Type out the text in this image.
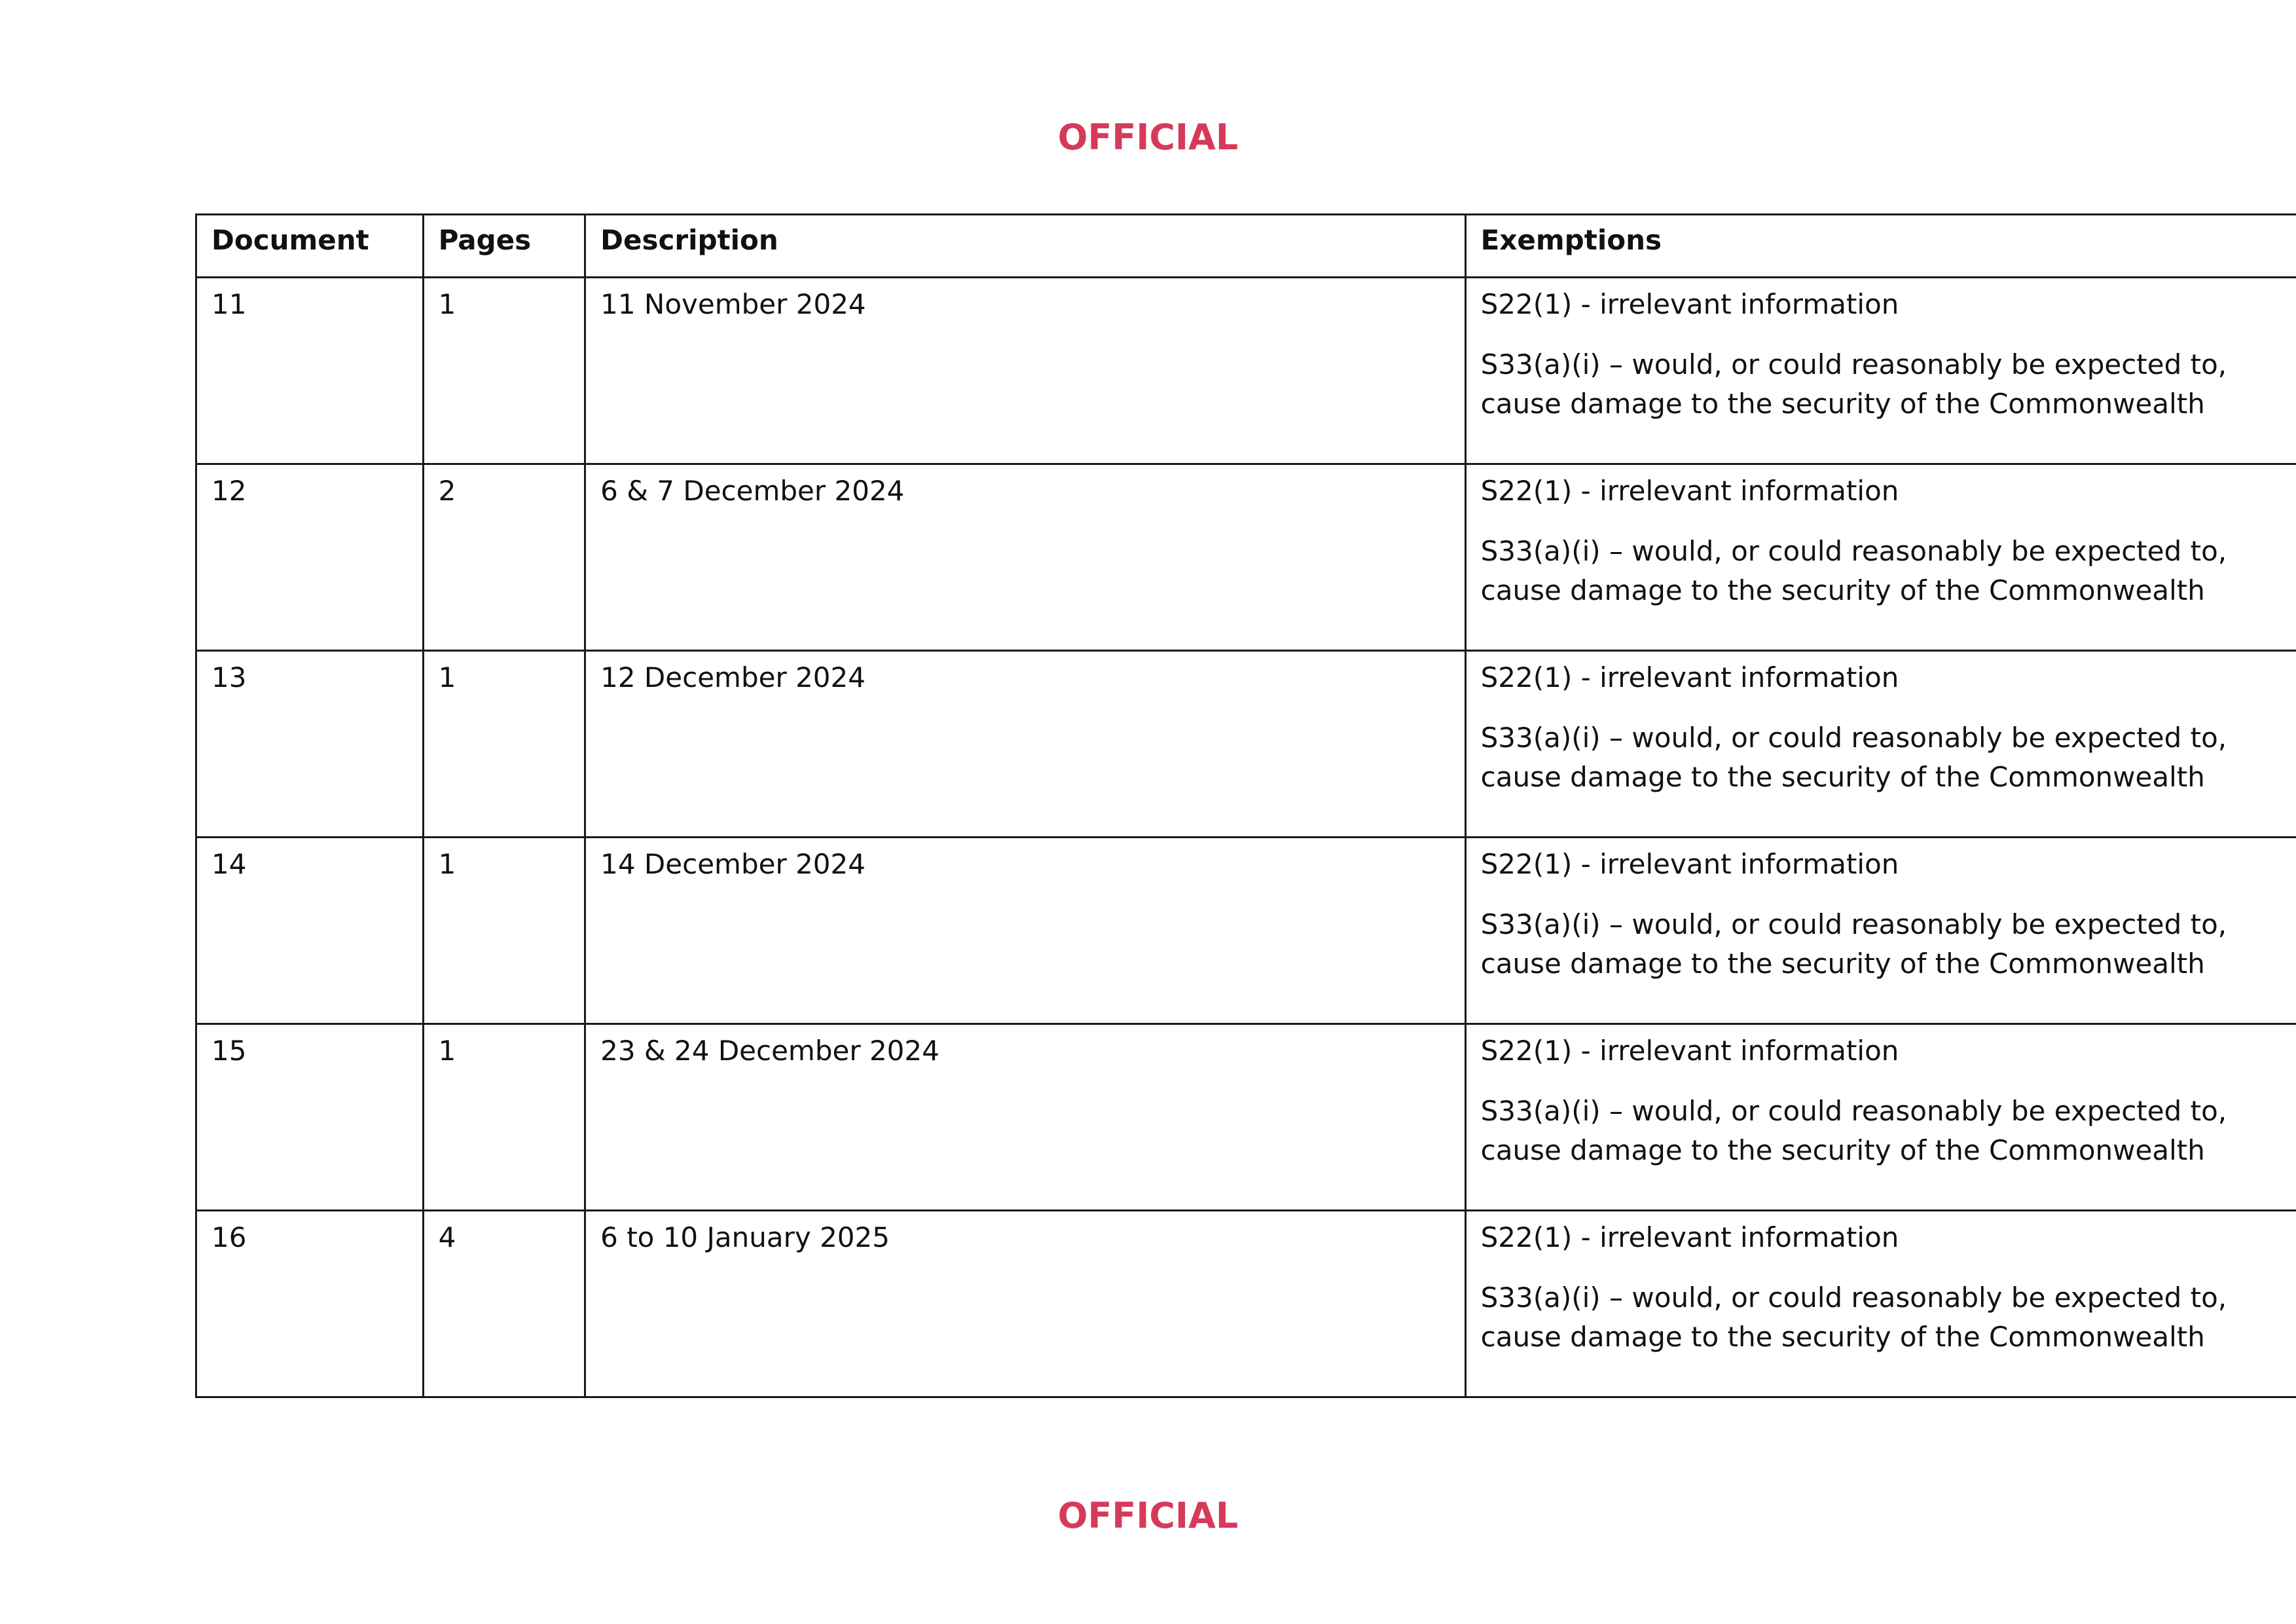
OFFICIAL
Document	Pages	Description	Exemptions
11	1	11 November 2024	S22(1) - irrelevant information
S33(a)(i) – would, or could reasonably be expected to,
cause damage to the security of the Commonwealth

12	2	6 & 7 December 2024	S22(1) - irrelevant information
S33(a)(i) – would, or could reasonably be expected to,
cause damage to the security of the Commonwealth

13	1	12 December 2024	S22(1) - irrelevant information
S33(a)(i) – would, or could reasonably be expected to,
cause damage to the security of the Commonwealth

14	1	14 December 2024	S22(1) - irrelevant information
S33(a)(i) – would, or could reasonably be expected to,
cause damage to the security of the Commonwealth

15	1	23 & 24 December 2024	S22(1) - irrelevant information
S33(a)(i) – would, or could reasonably be expected to,
cause damage to the security of the Commonwealth

16	4	6 to 10 January 2025	S22(1) - irrelevant information
S33(a)(i) – would, or could reasonably be expected to,
cause damage to the security of the Commonwealth
OFFICIAL
